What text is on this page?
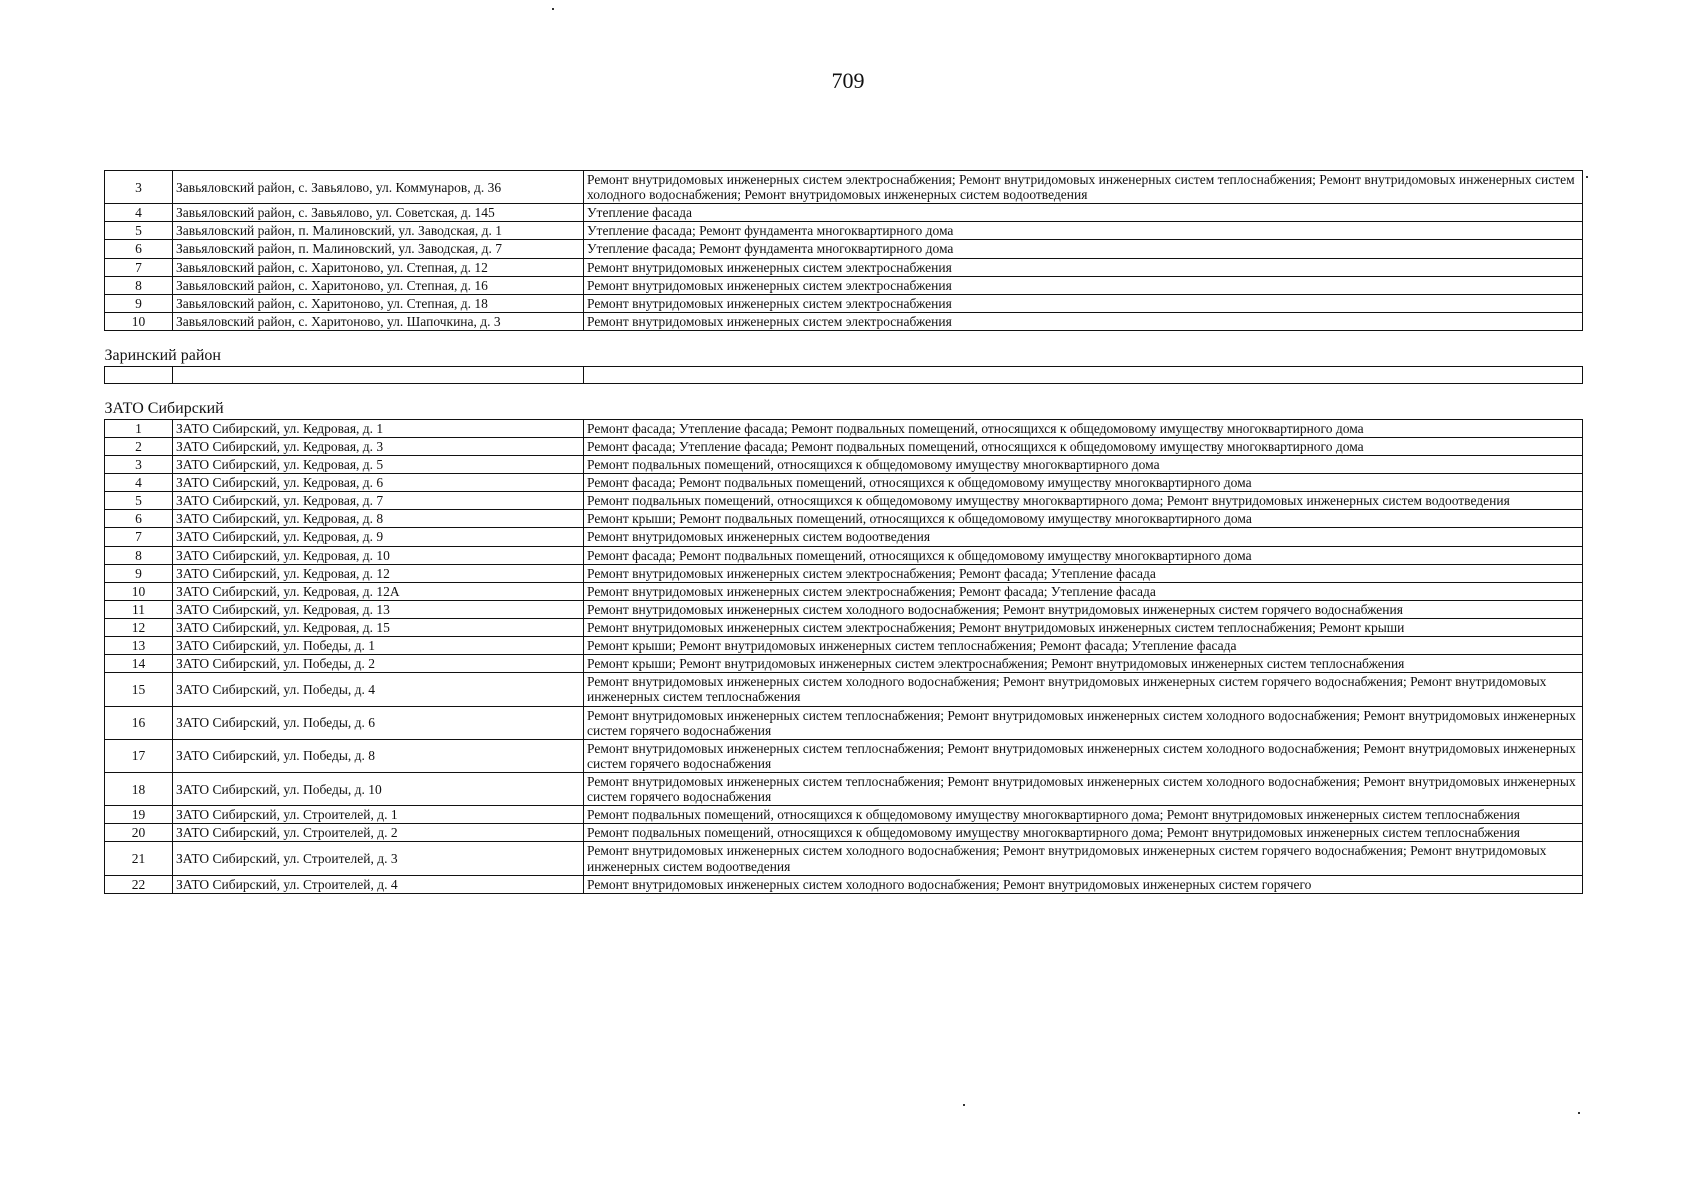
709
3	Завьяловский район, с. Завьялово, ул. Коммунаров, д. 36	Ремонт внутридомовых инженерных систем электроснабжения; Ремонт внутридомовых инженерных систем теплоснабжения; Ремонт внутридомовых инженерных систем холодного водоснабжения; Ремонт внутридомовых инженерных систем водоотведения
4	Завьяловский район, с. Завьялово, ул. Советская, д. 145	Утепление фасада
5	Завьяловский район, п. Малиновский, ул. Заводская, д. 1	Утепление фасада; Ремонт фундамента многоквартирного дома
6	Завьяловский район, п. Малиновский, ул. Заводская, д. 7	Утепление фасада; Ремонт фундамента многоквартирного дома
7	Завьяловский район, с. Харитоново, ул. Степная, д. 12	Ремонт внутридомовых инженерных систем электроснабжения
8	Завьяловский район, с. Харитоново, ул. Степная, д. 16	Ремонт внутридомовых инженерных систем электроснабжения
9	Завьяловский район, с. Харитоново, ул. Степная, д. 18	Ремонт внутридомовых инженерных систем электроснабжения
10	Завьяловский район, с. Харитоново, ул. Шапочкина, д. 3	Ремонт внутридомовых инженерных систем электроснабжения
Заринский район		

ЗАТО Сибирский		
1	ЗАТО Сибирский, ул. Кедровая, д. 1	Ремонт фасада; Утепление фасада; Ремонт подвальных помещений, относящихся к общедомовому имуществу многоквартирного дома
2	ЗАТО Сибирский, ул. Кедровая, д. 3	Ремонт фасада; Утепление фасада; Ремонт подвальных помещений, относящихся к общедомовому имуществу многоквартирного дома
3	ЗАТО Сибирский, ул. Кедровая, д. 5	Ремонт подвальных помещений, относящихся к общедомовому имуществу многоквартирного дома
4	ЗАТО Сибирский, ул. Кедровая, д. 6	Ремонт фасада; Ремонт подвальных помещений, относящихся к общедомовому имуществу многоквартирного дома
5	ЗАТО Сибирский, ул. Кедровая, д. 7	Ремонт подвальных помещений, относящихся к общедомовому имуществу многоквартирного дома; Ремонт внутридомовых инженерных систем водоотведения
6	ЗАТО Сибирский, ул. Кедровая, д. 8	Ремонт крыши; Ремонт подвальных помещений, относящихся к общедомовому имуществу многоквартирного дома
7	ЗАТО Сибирский, ул. Кедровая, д. 9	Ремонт внутридомовых инженерных систем водоотведения
8	ЗАТО Сибирский, ул. Кедровая, д. 10	Ремонт фасада; Ремонт подвальных помещений, относящихся к общедомовому имуществу многоквартирного дома
9	ЗАТО Сибирский, ул. Кедровая, д. 12	Ремонт внутридомовых инженерных систем электроснабжения; Ремонт фасада; Утепление фасада
10	ЗАТО Сибирский, ул. Кедровая, д. 12А	Ремонт внутридомовых инженерных систем электроснабжения; Ремонт фасада; Утепление фасада
11	ЗАТО Сибирский, ул. Кедровая, д. 13	Ремонт внутридомовых инженерных систем холодного водоснабжения; Ремонт внутридомовых инженерных систем горячего водоснабжения
12	ЗАТО Сибирский, ул. Кедровая, д. 15	Ремонт внутридомовых инженерных систем электроснабжения; Ремонт внутридомовых инженерных систем теплоснабжения; Ремонт крыши
13	ЗАТО Сибирский, ул. Победы, д. 1	Ремонт крыши; Ремонт внутридомовых инженерных систем теплоснабжения; Ремонт фасада; Утепление фасада
14	ЗАТО Сибирский, ул. Победы, д. 2	Ремонт крыши; Ремонт внутридомовых инженерных систем электроснабжения; Ремонт внутридомовых инженерных систем теплоснабжения
15	ЗАТО Сибирский, ул. Победы, д. 4	Ремонт внутридомовых инженерных систем холодного водоснабжения; Ремонт внутридомовых инженерных систем горячего водоснабжения; Ремонт внутридомовых инженерных систем теплоснабжения
16	ЗАТО Сибирский, ул. Победы, д. 6	Ремонт внутридомовых инженерных систем теплоснабжения; Ремонт внутридомовых инженерных систем холодного водоснабжения; Ремонт внутридомовых инженерных систем горячего водоснабжения
17	ЗАТО Сибирский, ул. Победы, д. 8	Ремонт внутридомовых инженерных систем теплоснабжения; Ремонт внутридомовых инженерных систем холодного водоснабжения; Ремонт внутридомовых инженерных систем горячего водоснабжения
18	ЗАТО Сибирский, ул. Победы, д. 10	Ремонт внутридомовых инженерных систем теплоснабжения; Ремонт внутридомовых инженерных систем холодного водоснабжения; Ремонт внутридомовых инженерных систем горячего водоснабжения
19	ЗАТО Сибирский, ул. Строителей, д. 1	Ремонт подвальных помещений, относящихся к общедомовому имуществу многоквартирного дома; Ремонт внутридомовых инженерных систем теплоснабжения
20	ЗАТО Сибирский, ул. Строителей, д. 2	Ремонт подвальных помещений, относящихся к общедомовому имуществу многоквартирного дома; Ремонт внутридомовых инженерных систем теплоснабжения
21	ЗАТО Сибирский, ул. Строителей, д. 3	Ремонт внутридомовых инженерных систем холодного водоснабжения; Ремонт внутридомовых инженерных систем горячего водоснабжения; Ремонт внутридомовых инженерных систем водоотведения
22	ЗАТО Сибирский, ул. Строителей, д. 4	Ремонт внутридомовых инженерных систем холодного водоснабжения; Ремонт внутридомовых инженерных систем горячего
